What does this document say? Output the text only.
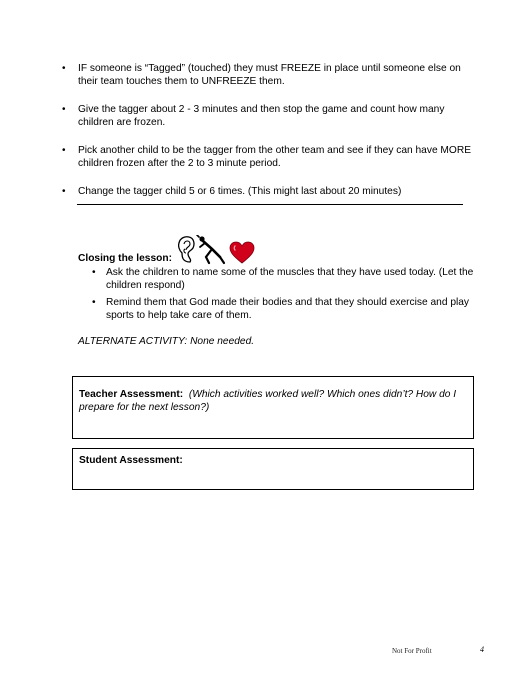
• IF someone is “Tagged” (touched) they must FREEZE in place until someone else on their team touches them to UNFREEZE them.
• Give the tagger about 2 - 3 minutes and then stop the game and count how many children are frozen.
• Pick another child to be the tagger from the other team and see if they can have MORE children frozen after the 2 to 3 minute period.
• Change the tagger child 5 or 6 times. (This might last about 20 minutes)
Closing the lesson:
• Ask the children to name some of the muscles that they have used today. (Let the children respond)
• Remind them that God made their bodies and that they should exercise and play sports to help take care of them.
ALTERNATE ACTIVITY: None needed.
Teacher Assessment: (Which activities worked well? Which ones didn’t? How do I prepare for the next lesson?)
Student Assessment:
Not For Profit	4
